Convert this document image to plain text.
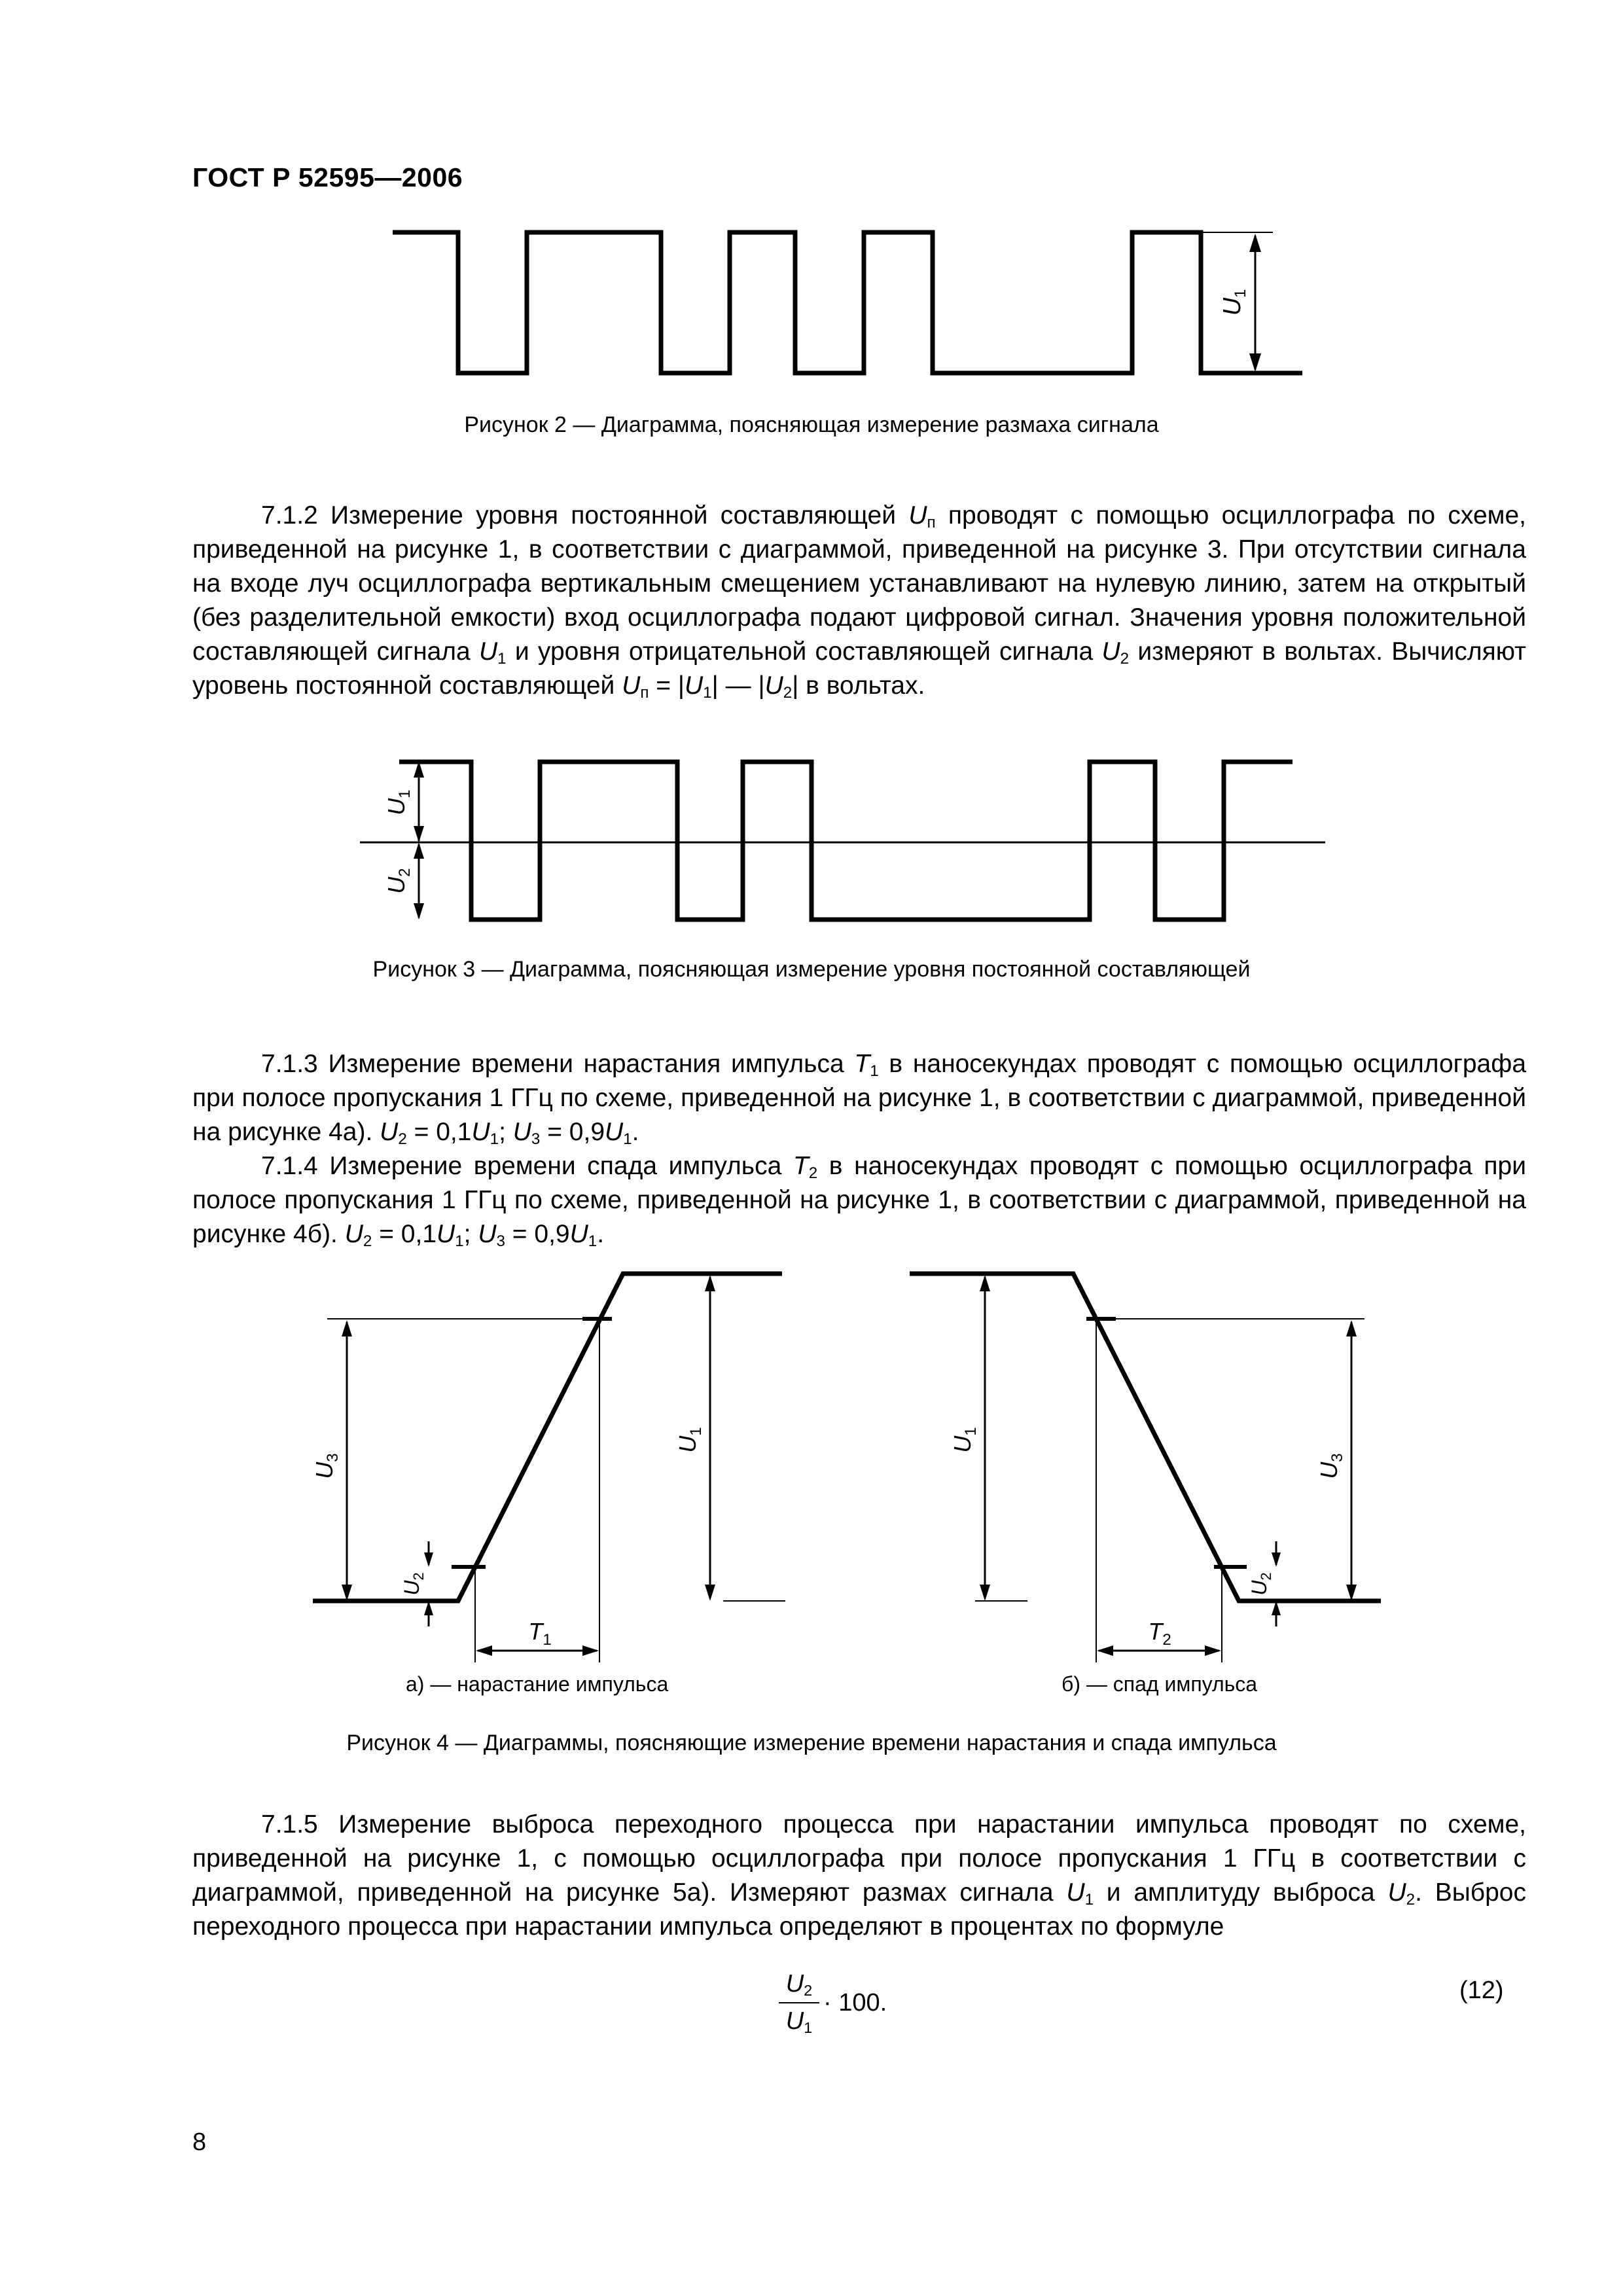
ГОСТ Р 52595—2006
$U_1$
Рисунок 2 — Диаграмма, поясняющая измерение размаха сигнала

7.1.2 Измерение уровня постоянной составляющей $U_п$ проводят с помощью осциллографа по схеме, приведенной на рисунке 1, в соответствии с диаграммой, приведенной на рисунке 3. При отсутствии сигнала на входе луч осциллографа вертикальным смещением устанавливают на нулевую линию, затем на открытый (без разделительной емкости) вход осциллографа подают цифровой сигнал. Значения уровня положительной составляющей сигнала $U_1$ и уровня отрицательной составляющей сигнала $U_2$ измеряют в вольтах. Вычисляют уровень постоянной составляющей $U_п = |U_1|$ — $|U_2|$ в вольтах.

$U_1$
$U_2$
Рисунок 3 — Диаграмма, поясняющая измерение уровня постоянной составляющей

7.1.3 Измерение времени нарастания импульса $T_1$ в наносекундах проводят с помощью осциллографа при полосе пропускания 1 ГГц по схеме, приведенной на рисунке 1, в соответствии с диаграммой, приведенной на рисунке 4а). $U_2 = 0,1U_1$; $U_3 = 0,9U_1$.

7.1.4 Измерение времени спада импульса $T_2$ в наносекундах проводят с помощью осциллографа при полосе пропускания 1 ГГц по схеме, приведенной на рисунке 1, в соответствии с диаграммой, приведенной на рисунке 4б). $U_2 = 0,1U_1$; $U_3 = 0,9U_1$.

$U_3$
$U_2$
$U_1$
$T_1$
$U_1$
$U_3$
$U_2$
$T_2$
а) — нарастание импульса	б) — спад импульса
Рисунок 4 — Диаграммы, поясняющие измерение времени нарастания и спада импульса

7.1.5 Измерение выброса переходного процесса при нарастании импульса проводят по схеме, приведенной на рисунке 1, с помощью осциллографа при полосе пропускания 1 ГГц в соответствии с диаграммой, приведенной на рисунке 5а). Измеряют размах сигнала $U_1$ и амплитуду выброса $U_2$. Выброс переходного процесса при нарастании импульса определяют в процентах по формуле

$U_2$
$U_1$
· 100.	(12)
8
